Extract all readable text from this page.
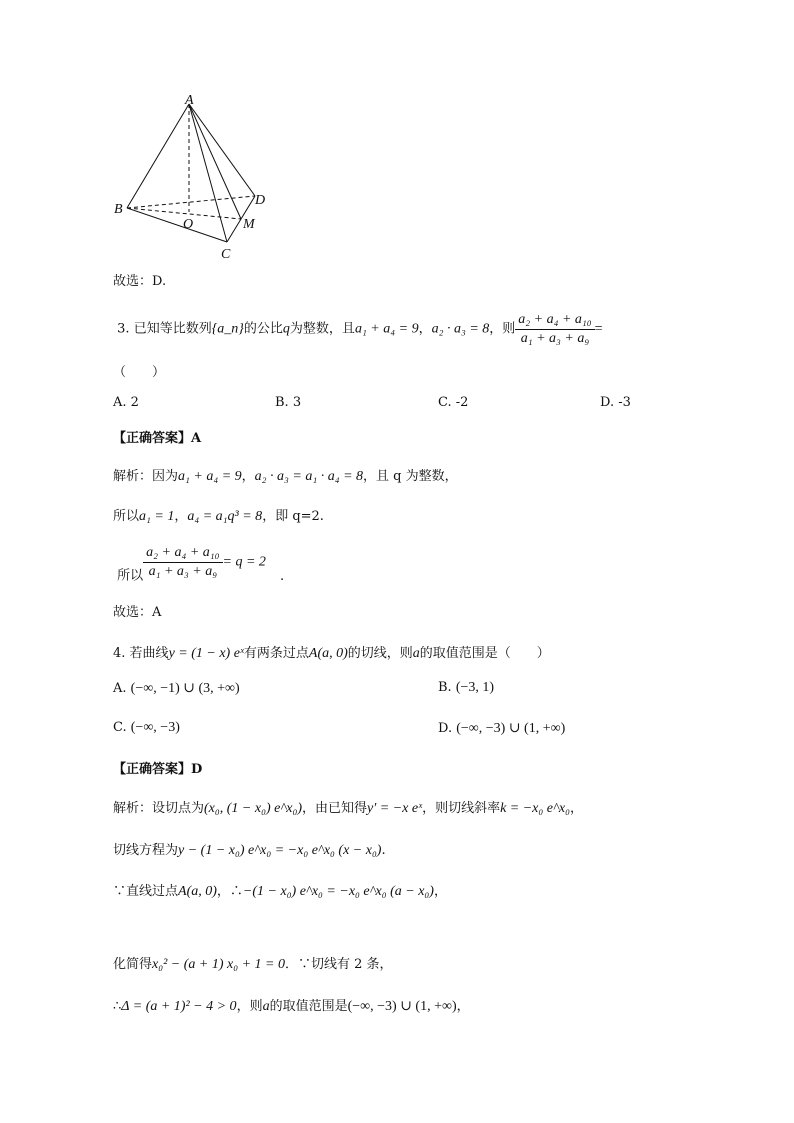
A
B
C
D
O	M
故选：D.
3. 已知等比数列{a_n}的公比q为整数，且a₁ + a₄ = 9，a₂ · a₃ = 8，则 $\frac{\text{a₂ + a₄ + a₁₀}}{\text{a₁ + a₃ + a₉}}$ =
（　　）
A. 2	B. 3	C. -2	D. -3
【正确答案】A
解析：因为a₁ + a₄ = 9，a₂ · a₃ = a₁ · a₄ = 8，且 q 为整数，
所以a₁ = 1，a₄ = a₁q³ = 8，即 q=2.
所以 $\frac{\text{a₂ + a₄ + a₁₀}}{\text{a₁ + a₃ + a₉}} = q = 2$.
故选：A
4. 若曲线y = (1 − x) eˣ有两条过点A(a, 0)的切线，则a的取值范围是（　　）
A. (−∞, −1) ∪ (3, +∞)	B. (−3, 1)
C. (−∞, −3)	D. (−∞, −3) ∪ (1, +∞)
【正确答案】D
解析：设切点为(x₀, (1 − x₀) e^x₀)，由已知得y′ = −x eˣ，则切线斜率k = −x₀ e^x₀，
切线方程为y − (1 − x₀) e^x₀ = −x₀ e^x₀ (x − x₀).
∵直线过点A(a, 0)，∴−(1 − x₀) e^x₀ = −x₀ e^x₀ (a − x₀)，
化简得x₀² − (a + 1) x₀ + 1 = 0．∵切线有 2 条，
∴Δ = (a + 1)² − 4 > 0，则a的取值范围是(−∞, −3) ∪ (1, +∞)，
